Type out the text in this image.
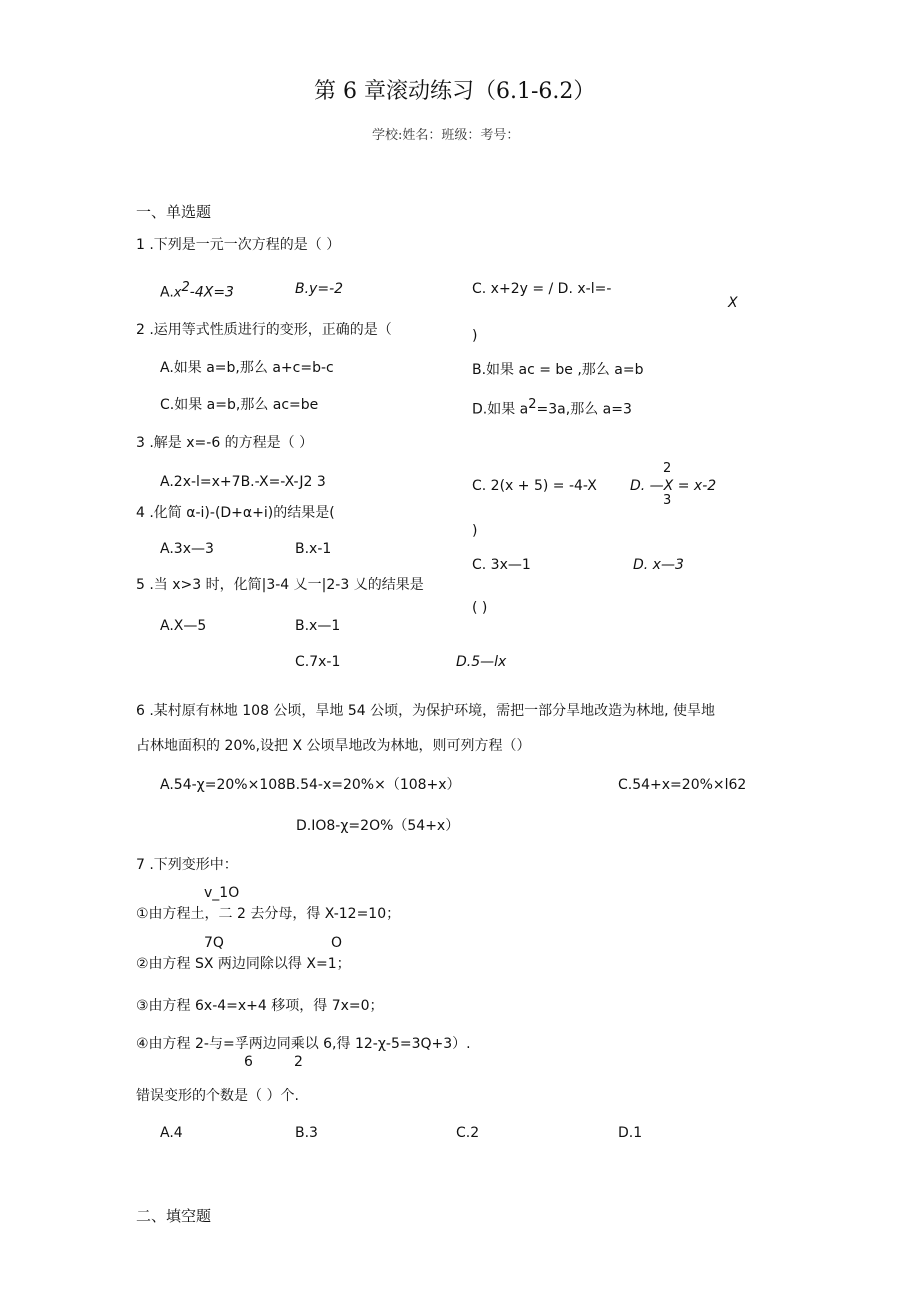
第 6 章滚动练习（6.1-6.2）
学校:姓名：班级：考号：
一、单选题
1 .下列是一元一次方程的是（ ）
$A.x^2-4X=3$	B.y=-2	C. x+2y = / D. x-l=-
X
2 .运用等式性质进行的变形，正确的是（	)
A.如果 a=b,那么 a+c=b-c	B.如果 ac = be ,那么 a=b
C.如果 a=b,那么 ac=be	D.如果 $a^2=3a$,那么 a=3
3 .解是 x=-6 的方程是（ ）
A.2x-l=x+7B.-X=-X-J2 3	C. 2(x + 5) = -4-X
2
D. —X = x-2
3
4 .化简 α-i)-(D+α+i)的结果是(
)
A.3x—3	B.x-1
C. 3x—1	D. x—3
5 .当 x>3 时，化简|3-4 乂一|2-3 乂的结果是
( )
A.X—5	B.x—1
C.7x-1	D.5—lx
6 .某村原有林地 108 公顷，旱地 54 公顷，为保护环境，需把一部分旱地改造为林地, 使旱地
占林地面积的 20%,设把 X 公顷旱地改为林地，则可列方程（）
A.54-χ=20%×108B.54-x=20%×（108+x）	C.54+x=20%×l62
D.IO8-χ=2O%（54+x）
7 .下列变形中：
v_1O
①由方程土，二 2 去分母，得 X-12=10；
7Q	O
②由方程 SX 两边同除以得 X=1；
③由方程 6x-4=x+4 移项，得 7x=0；
④由方程 2-与=孚两边同乘以 6,得 12-χ-5=3Q+3）.
6	2
错误变形的个数是（ ）个.
A.4	B.3	C.2	D.1
二、填空题
